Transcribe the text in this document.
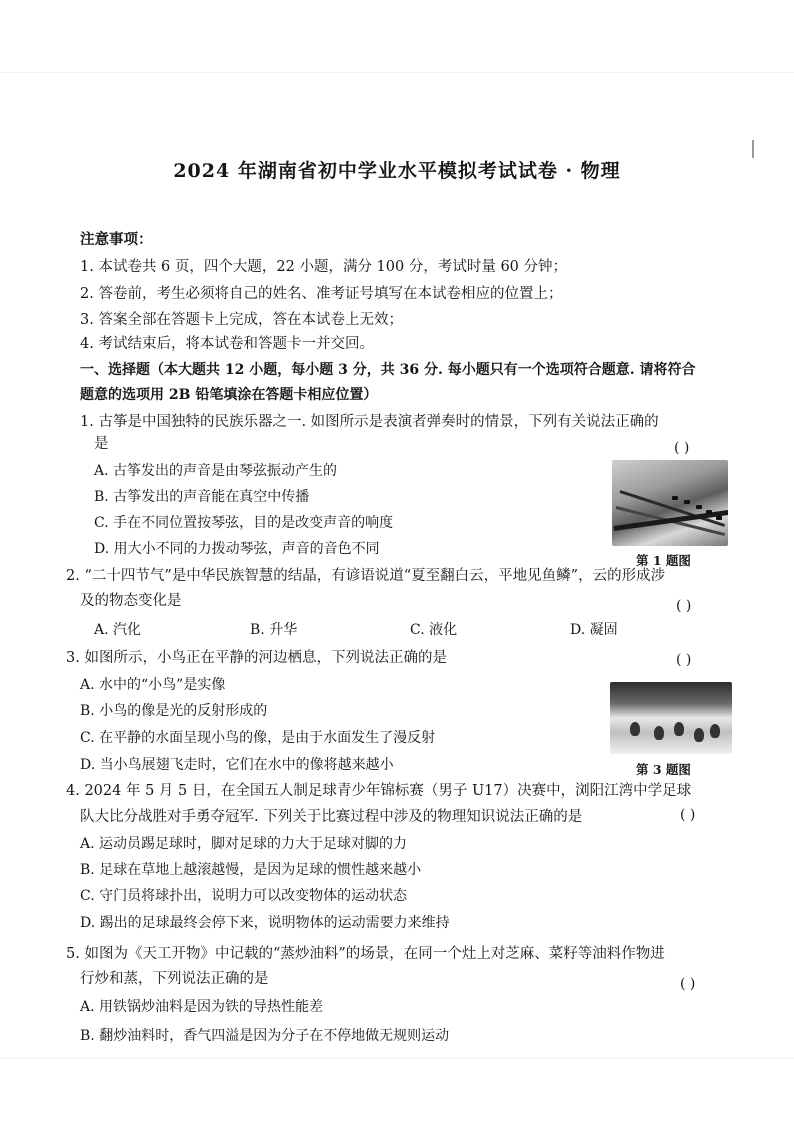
2024 年湖南省初中学业水平模拟考试试卷 · 物理
注意事项：
1. 本试卷共 6 页，四个大题，22 小题，满分 100 分，考试时量 60 分钟；
2. 答卷前，考生必须将自己的姓名、准考证号填写在本试卷相应的位置上；
3. 答案全部在答题卡上完成，答在本试卷上无效；
4. 考试结束后，将本试卷和答题卡一并交回。
一、选择题（本大题共 12 小题，每小题 3 分，共 36 分. 每小题只有一个选项符合题意. 请将符合
题意的选项用 2B 铅笔填涂在答题卡相应位置）
1. 古筝是中国独特的民族乐器之一. 如图所示是表演者弹奏时的情景，下列有关说法正确的
是	( )
A. 古筝发出的声音是由琴弦振动产生的
B. 古筝发出的声音能在真空中传播
C. 手在不同位置按琴弦，目的是改变声音的响度
D. 用大小不同的力拨动琴弦，声音的音色不同
第 1 题图
2. “二十四节气”是中华民族智慧的结晶，有谚语说道“夏至翻白云，平地见鱼鳞”，云的形成涉
及的物态变化是	( )
A. 汽化	B. 升华	C. 液化	D. 凝固
3. 如图所示，小鸟正在平静的河边栖息，下列说法正确的是	( )
A. 水中的“小鸟”是实像
B. 小鸟的像是光的反射形成的
C. 在平静的水面呈现小鸟的像，是由于水面发生了漫反射
D. 当小鸟展翅飞走时，它们在水中的像将越来越小	第 3 题图
4. 2024 年 5 月 5 日，在全国五人制足球青少年锦标赛（男子 U17）决赛中，浏阳江湾中学足球
队大比分战胜对手勇夺冠军. 下列关于比赛过程中涉及的物理知识说法正确的是	( )
A. 运动员踢足球时，脚对足球的力大于足球对脚的力
B. 足球在草地上越滚越慢，是因为足球的惯性越来越小
C. 守门员将球扑出，说明力可以改变物体的运动状态
D. 踢出的足球最终会停下来，说明物体的运动需要力来维持
5. 如图为《天工开物》中记载的“蒸炒油料”的场景，在同一个灶上对芝麻、菜籽等油料作物进
行炒和蒸，下列说法正确的是	( )
A. 用铁锅炒油料是因为铁的导热性能差
B. 翻炒油料时，香气四溢是因为分子在不停地做无规则运动
